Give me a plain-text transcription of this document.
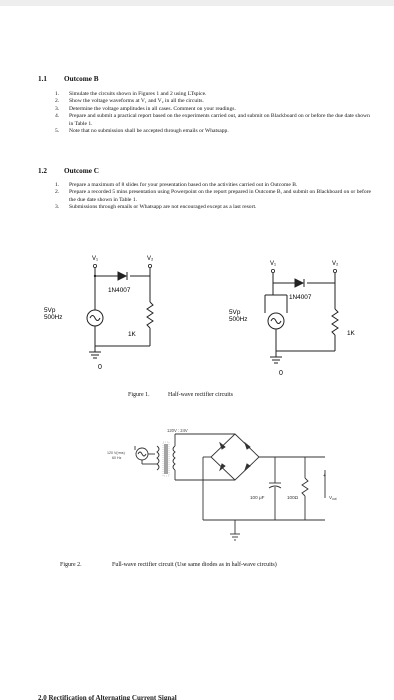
1.1 Outcome B
1. Simulate the circuits shown in Figures 1 and 2 using LTspice.
2. Show the voltage waveforms at V₁ and V₂ in all the circuits.
3. Determine the voltage amplitudes in all cases. Comment on your readings.
4. Prepare and submit a practical report based on the experiments carried out, and submit on Blackboard on or before the due date shown in Table 1.
5. Note that no submission shall be accepted through emails or Whatsapp.
1.2 Outcome C
1. Prepare a maximum of 8 slides for your presentation based on the activities carried out in Outcome B.
2. Prepare a recorded 5 mins presentation using Powerpoint on the report prepared in Outcome B, and submit on Blackboard on or before the due date shown in Table 1.
3. Submissions through emails or Whatsapp are not encouraged except as a last resort.
V₁	V₂
1N4007
5Vp
500Hz
1K
0
V₁	V₂
1N4007
5Vp
500Hz
1K
0
Figure 1.	Half-wave rectifier circuits
120V : 24V
120 V(rms)
60 Hz
100 μF	100Ω
+
$V_{out}$
Figure 2.	Full-wave rectifier circuit (Use same diodes as in half-wave circuits)
2.0 Rectification of Alternating Current Signal
